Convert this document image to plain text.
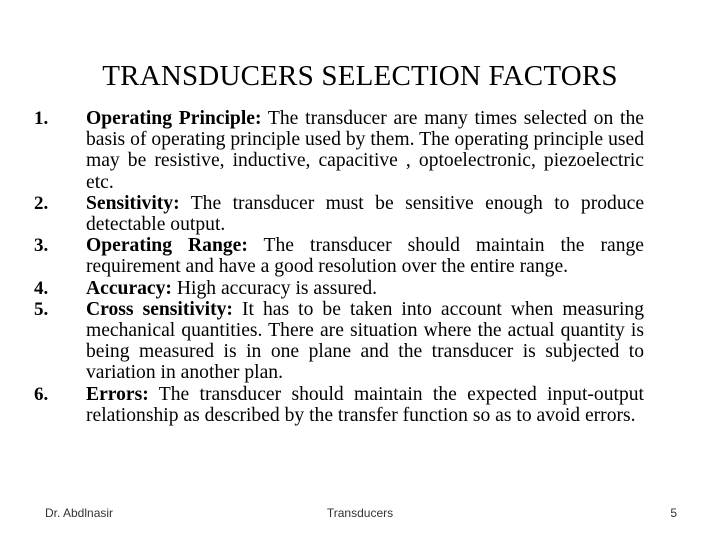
TRANSDUCERS SELECTION FACTORS
1.	Operating Principle: The transducer are many times selected on the basis of operating principle used by them. The operating principle used may be resistive, inductive, capacitive , optoelectronic, piezoelectric etc.
2.	Sensitivity: The transducer must be sensitive enough to produce detectable output.
3.	Operating Range: The transducer should maintain the range requirement and have a good resolution over the entire range.
4.	Accuracy: High accuracy is assured.
5.	Cross sensitivity: It has to be taken into account when measuring mechanical quantities. There are situation where the actual quantity is being measured is in one plane and the transducer is subjected to variation in another plan.
6.	Errors: The transducer should maintain the expected input-output relationship as described by the transfer function so as to avoid errors.
Dr. Abdlnasir	Transducers	5
